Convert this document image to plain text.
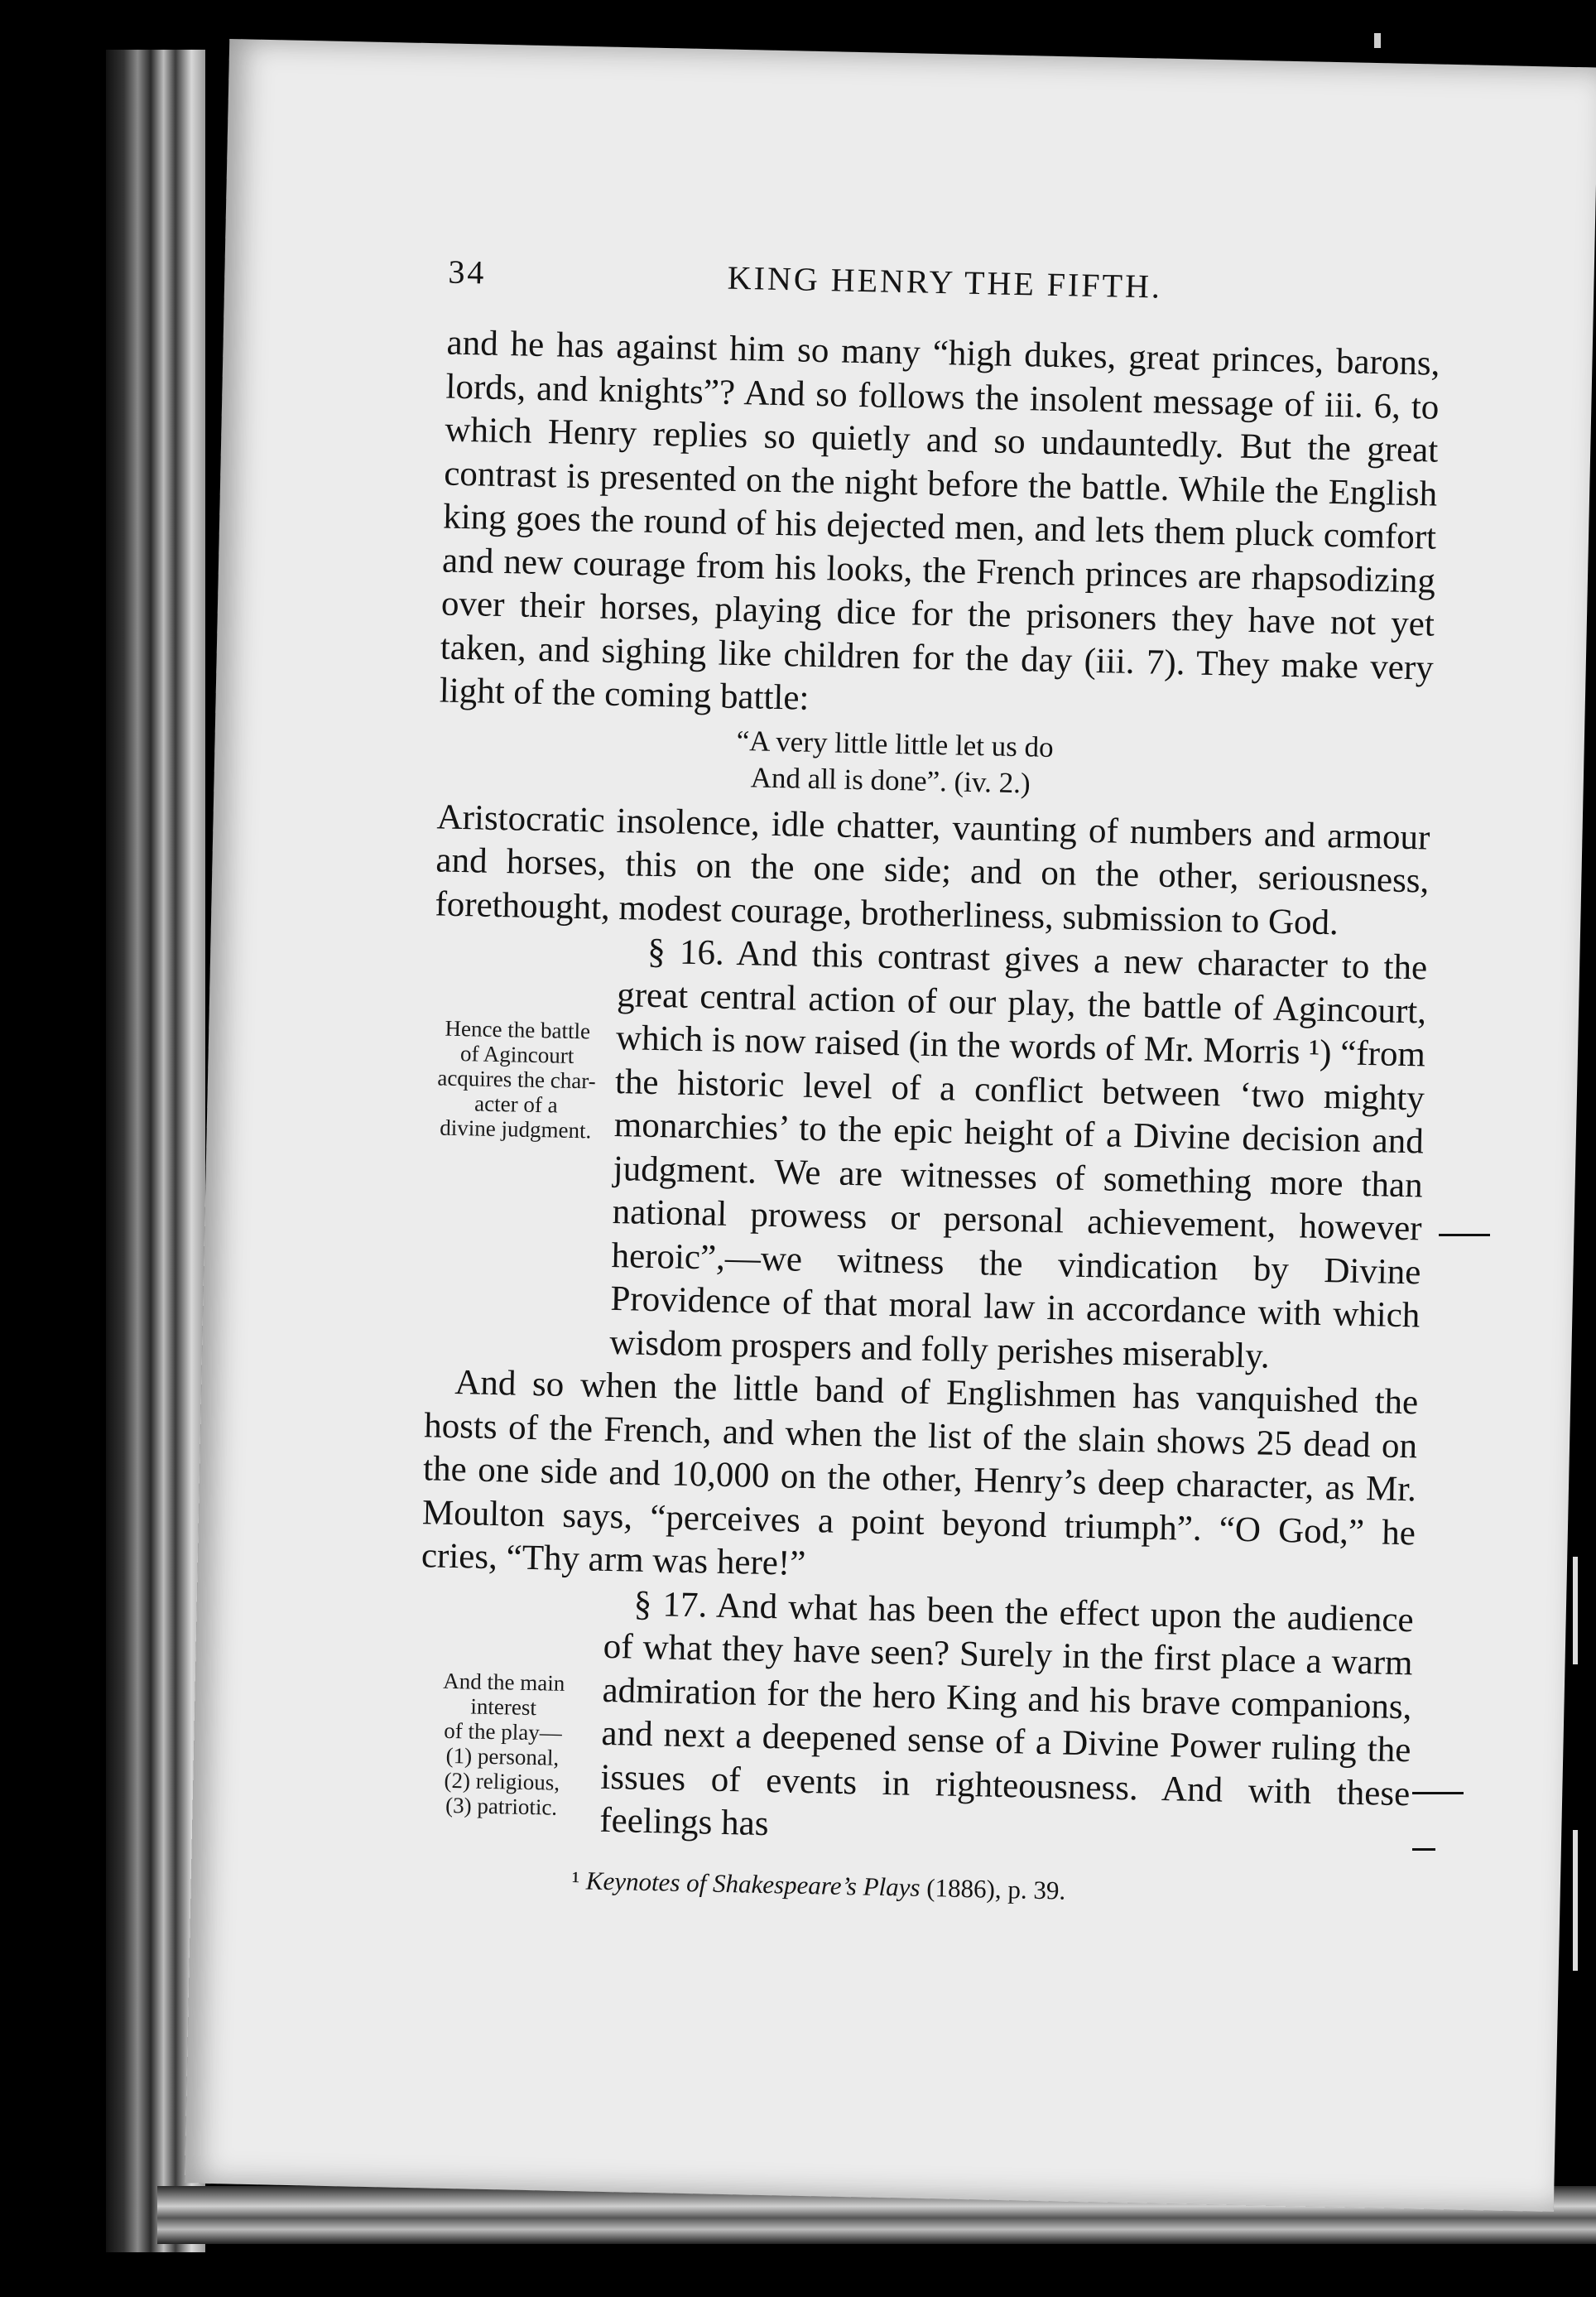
34	KING HENRY THE FIFTH.

and he has against him so many “high dukes, great princes, barons, lords, and knights”? And so follows the insolent message of iii. 6, to which Henry replies so quietly and so undauntedly. But the great contrast is presented on the night before the battle. While the English king goes the round of his dejected men, and lets them pluck comfort and new courage from his looks, the French princes are rhapsodizing over their horses, playing dice for the prisoners they have not yet taken, and sighing like children for the day (iii. 7). They make very light of the coming battle:

“A very little little let us do
And all is done”. (iv. 2.)

Aristocratic insolence, idle chatter, vaunting of numbers and armour and horses, this on the one side; and on the other, seriousness, forethought, modest courage, brotherliness, submission to God.

Hence the battle
of Agincourt
acquires the char-
acter of a
divine judgment.

§ 16. And this contrast gives a new character to the great central action of our play, the battle of Agincourt, which is now raised (in the words of Mr. Morris ¹) “from the historic level of a conflict between ‘two mighty monarchies’ to the epic height of a Divine decision and judgment. We are witnesses of something more than national prowess or personal achievement, however heroic”,—we witness the vindication by Divine Providence of that moral law in accordance with which wisdom prospers and folly perishes miserably.

And so when the little band of Englishmen has vanquished the hosts of the French, and when the list of the slain shows 25 dead on the one side and 10,000 on the other, Henry’s deep character, as Mr. Moulton says, “perceives a point beyond triumph”. “O God,” he cries, “Thy arm was here!”

And the main
interest
of the play—
(1) personal,
(2) religious,
(3) patriotic.

§ 17. And what has been the effect upon the audience of what they have seen? Surely in the first place a warm admiration for the hero King and his brave companions, and next a deepened sense of a Divine Power ruling the issues of events in righteousness. And with these feelings has

¹ Keynotes of Shakespeare’s Plays (1886), p. 39.
